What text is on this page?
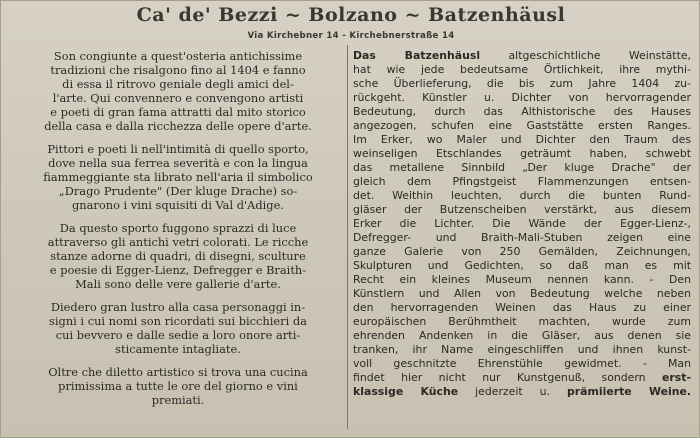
Ca' de' Bezzi ~ Bolzano ~ Batzenhäusl
Via Kirchebner 14 - Kirchebnerstraße 14
Son congiunte a quest'osteria antichissime
tradizioni che risalgono fino al 1404 e fanno
di essa il ritrovo geniale degli amici del-
l'arte. Qui convennero e convengono artisti
e poeti di gran fama attratti dal mito storico
della casa e dalla ricchezza delle opere d'arte.
Pittori e poeti li nell'intimità di quello sporto,
dove nella sua ferrea severità e con la lingua
fiammeggiante sta librato nell'aria il simbolico
„Drago Prudente" (Der kluge Drache) so-
gnarono i vini squisiti di Val d'Adige.
Da questo sporto fuggono sprazzi di luce
attraverso gli antichi vetri colorati. Le ricche
stanze adorne di quadri, di disegni, sculture
e poesie di Egger-Lienz, Defregger e Braith-
Mali sono delle vere gallerie d'arte.
Diedero gran lustro alla casa personaggi in-
signi i cui nomi son ricordati sui bicchieri da
cui bevvero e dalle sedie a loro onore arti-
sticamente intagliate.
Oltre che diletto artistico si trova una cucina
primissima a tutte le ore del giorno e vini
premiati.
Das Batzenhäusl altgeschichtliche Weinstätte,
hat wie jede bedeutsame Örtlichkeit, ihre mythi-
sche Überlieferung, die bis zum Jahre 1404 zu-
rückgeht. Künstler u. Dichter von hervorragender
Bedeutung, durch das Althistorische des Hauses
angezogen, schufen eine Gaststätte ersten Ranges.
Im Erker, wo Maler und Dichter den Traum des
weinseligen Etschlandes geträumt haben, schwebt
das metallene Sinnbild „Der kluge Drache" der
gleich dem Pfingstgeist Flammenzungen entsen-
det. Weithin leuchten, durch die bunten Rund-
gläser der Butzenscheiben verstärkt, aus diesem
Erker die Lichter. Die Wände der Egger-Lienz-,
Defregger- und Braith-Mali-Stuben zeigen eine
ganze Galerie von 250 Gemälden, Zeichnungen,
Skulpturen und Gedichten, so daß man es mit
Recht ein kleines Museum nennen kann. - Den
Künstlern und Allen von Bedeutung welche neben
den hervorragenden Weinen das Haus zu einer
europäischen Berühmtheit machten, wurde zum
ehrenden Andenken in die Gläser, aus denen sie
tranken, ihr Name eingeschliffen und ihnen kunst-
voll geschnitzte Ehrenstühle gewidmet. - Man
findet hier nicht nur Kunstgenuß, sondern erst-
klassige Küche jederzeit u. prämiierte Weine.
